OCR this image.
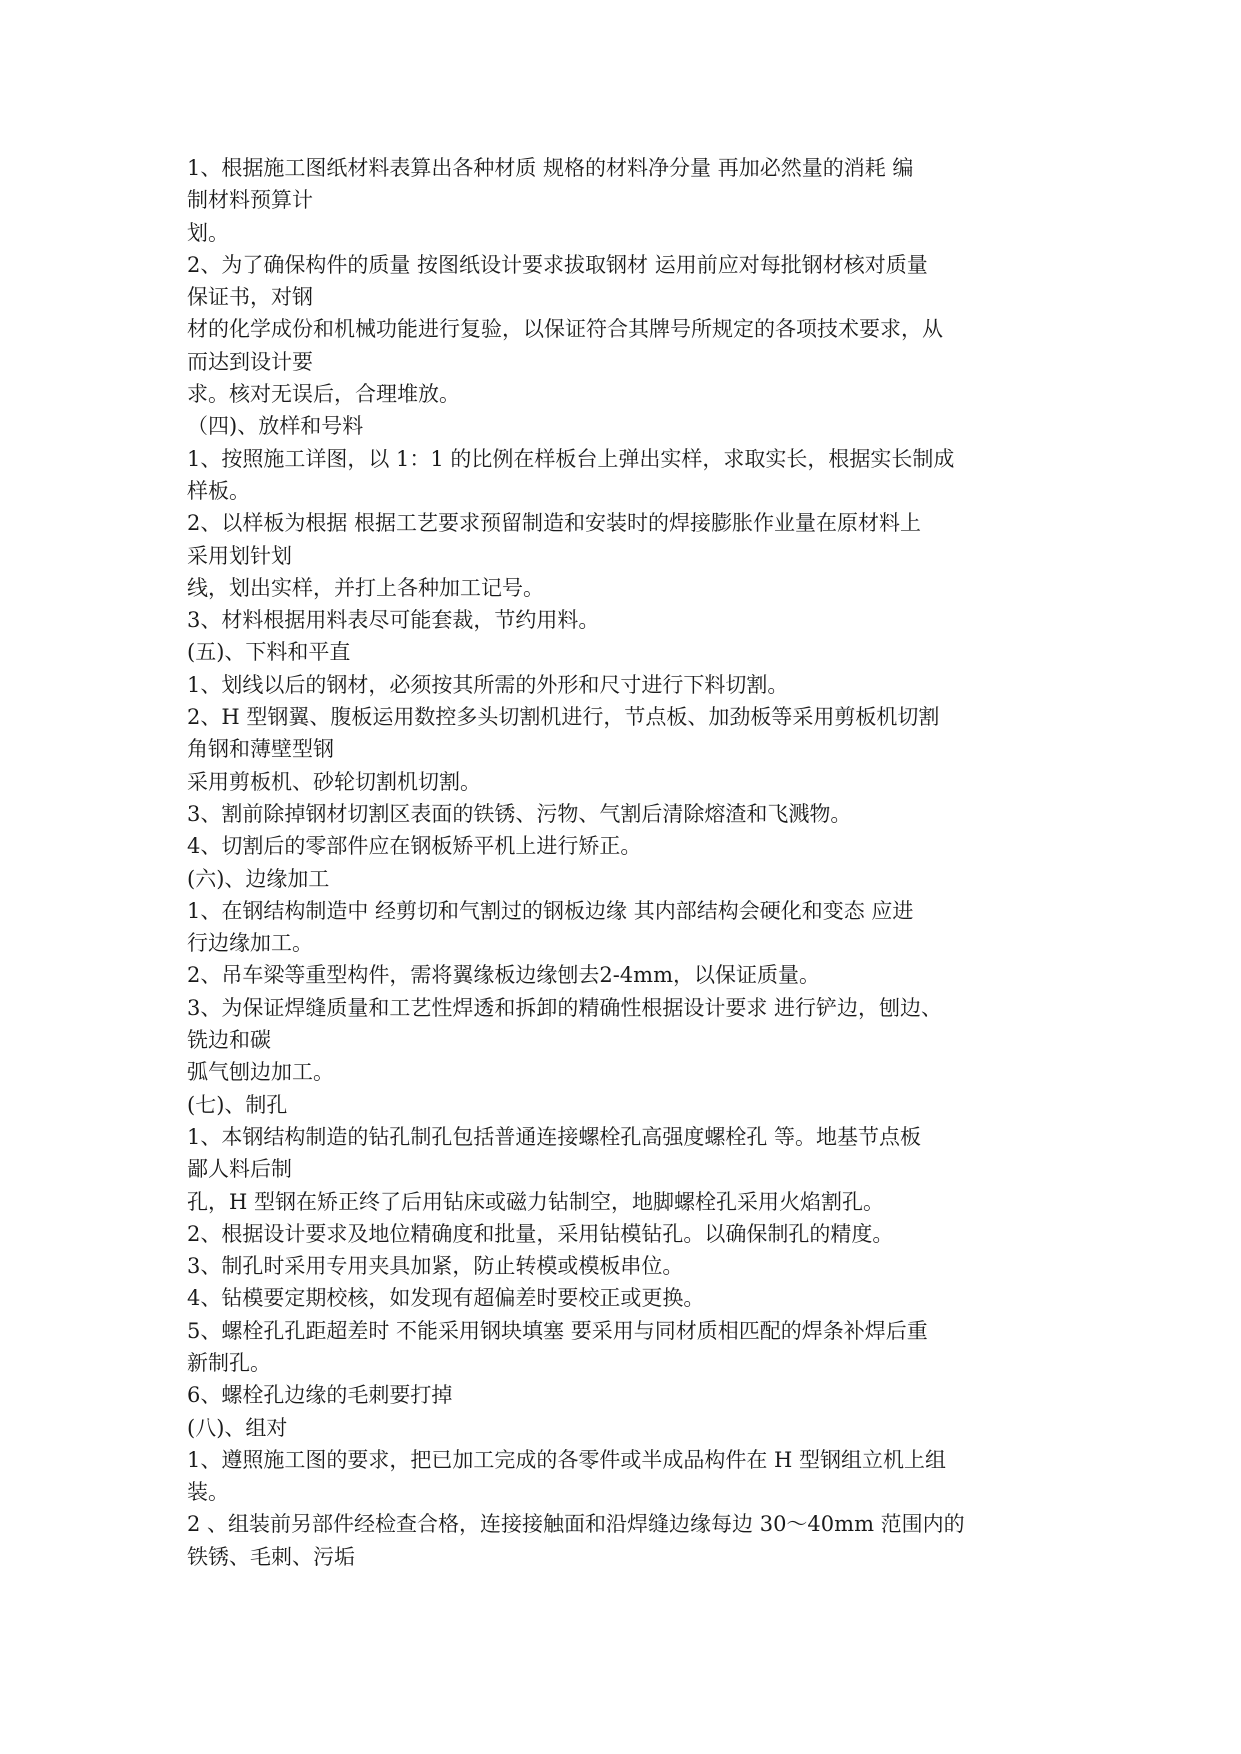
1、根据施工图纸材料表算出各种材质 规格的材料净分量 再加必然量的消耗 编
制材料预算计
划。
2、为了确保构件的质量 按图纸设计要求拔取钢材 运用前应对每批钢材核对质量
保证书，对钢
材的化学成份和机械功能进行复验，以保证符合其牌号所规定的各项技术要求，从
而达到设计要
求。核对无误后，合理堆放。
（四)、放样和号料
1、按照施工详图，以 1：1 的比例在样板台上弹出实样，求取实长，根据实长制成
样板。
2、以样板为根据 根据工艺要求预留制造和安装时的焊接膨胀作业量在原材料上
采用划针划
线，划出实样，并打上各种加工记号。
3、材料根据用料表尽可能套裁，节约用料。
(五)、下料和平直
1、划线以后的钢材，必须按其所需的外形和尺寸进行下料切割。
2、H 型钢翼、腹板运用数控多头切割机进行，节点板、加劲板等采用剪板机切割
角钢和薄壁型钢
采用剪板机、砂轮切割机切割。
3、割前除掉钢材切割区表面的铁锈、污物、气割后清除熔渣和飞溅物。
4、切割后的零部件应在钢板矫平机上进行矫正。
(六)、边缘加工
1、在钢结构制造中 经剪切和气割过的钢板边缘 其内部结构会硬化和变态 应进
行边缘加工。
2、吊车梁等重型构件，需将翼缘板边缘刨去2-4mm，以保证质量。
3、为保证焊缝质量和工艺性焊透和拆卸的精确性根据设计要求 进行铲边，刨边、
铣边和碳
弧气刨边加工。
(七)、制孔
1、本钢结构制造的钻孔制孔包括普通连接螺栓孔高强度螺栓孔 等。地基节点板
鄙人料后制
孔，H 型钢在矫正终了后用钻床或磁力钻制空，地脚螺栓孔采用火焰割孔。
2、根据设计要求及地位精确度和批量，采用钻模钻孔。以确保制孔的精度。
3、制孔时采用专用夹具加紧，防止转模或模板串位。
4、钻模要定期校核，如发现有超偏差时要校正或更换。
5、螺栓孔孔距超差时 不能采用钢块填塞 要采用与同材质相匹配的焊条补焊后重
新制孔。
6、螺栓孔边缘的毛刺要打掉
(八)、组对
1、遵照施工图的要求，把已加工完成的各零件或半成品构件在 H 型钢组立机上组
装。
2 、组装前另部件经检查合格，连接接触面和沿焊缝边缘每边 30～40mm 范围内的
铁锈、毛刺、污垢
